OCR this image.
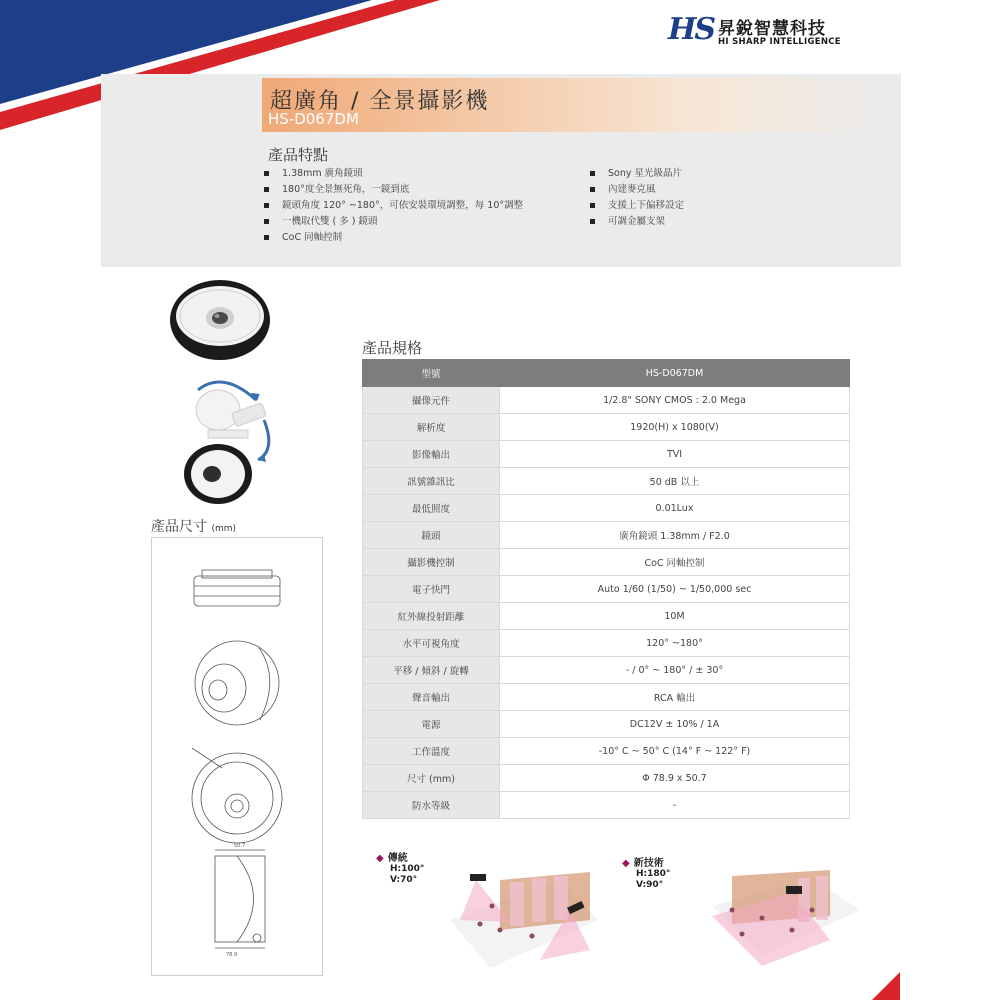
HS 昇銳智慧科技
HI SHARP INTELLIGENCE
超廣角 / 全景攝影機
HS-D067DM
產品特點
1.38mm 廣角鏡頭
180°度全景無死角，一鏡到底
鏡頭角度 120° ~180°，可依安裝環境調整，每 10°調整
一機取代雙 ( 多 ) 鏡頭
CoC 同軸控制
Sony 星光級晶片
內建麥克風
支援上下偏移設定
可調金屬支架
產品尺寸 (mm)
50.7
78.9
產品規格
型號	HS-D067DM
攝像元件	1/2.8" SONY CMOS : 2.0 Mega
解析度	1920(H) x 1080(V)
影像輸出	TVI
訊號雜訊比	50 dB 以上
最低照度	0.01Lux
鏡頭	廣角鏡頭 1.38mm / F2.0
攝影機控制	CoC 同軸控制
電子快門	Auto 1/60 (1/50) ~ 1/50,000 sec
紅外線投射距離	10M
水平可視角度	120° ~180°
平移 / 傾斜 / 旋轉	- / 0° ~ 180° / ± 30°
聲音輸出	RCA 輸出
電源	DC12V ± 10% / 1A
工作溫度	-10° C ~ 50° C (14° F ~ 122° F)
尺寸 (mm)	Φ 78.9 x 50.7
防水等級	-
◆ 傳統
H:100°
V:70°
◆ 新技術
H:180°
V:90°
